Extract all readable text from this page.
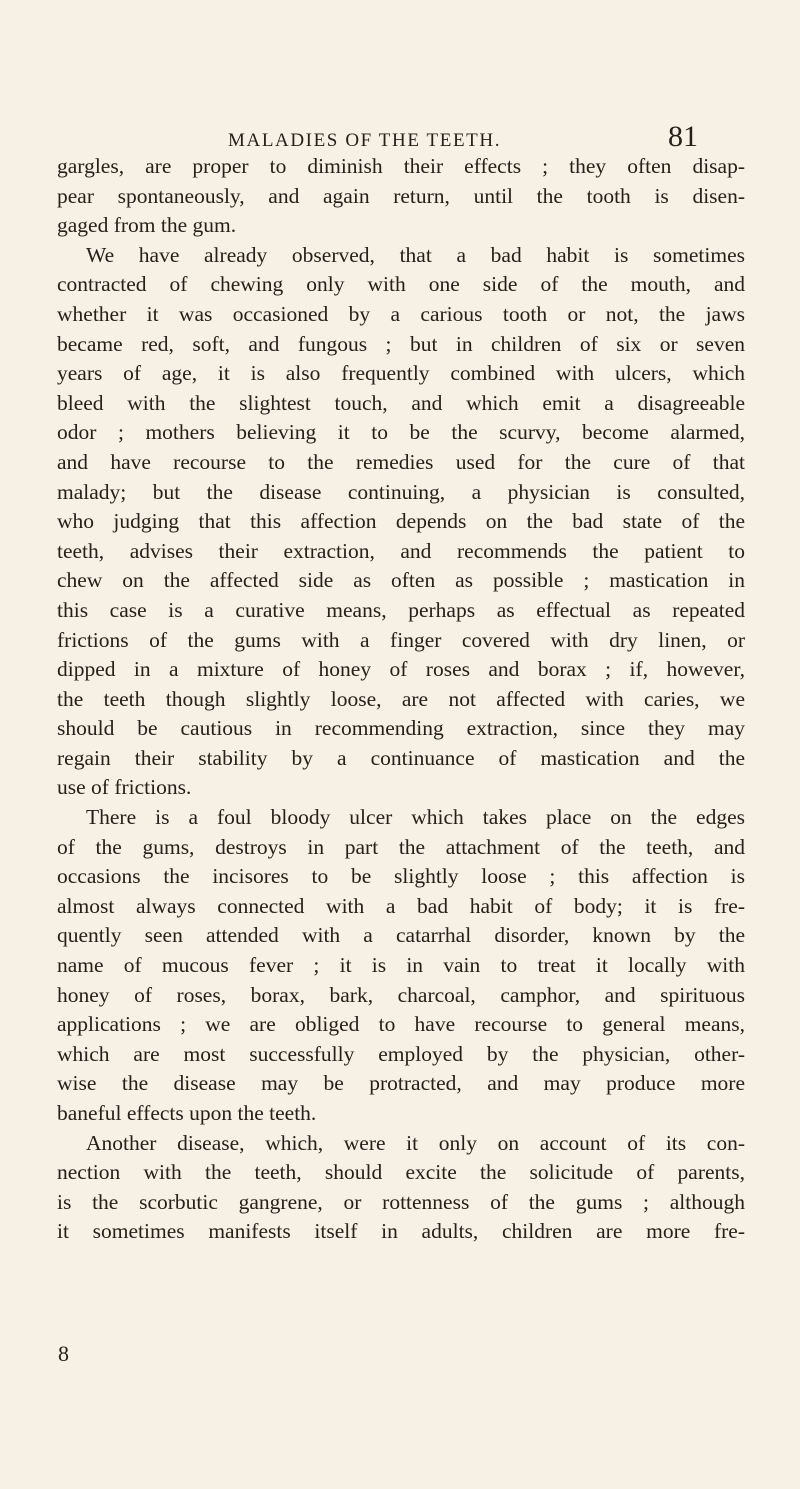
MALADIES OF THE TEETH.	81
gargles, are proper to diminish their effects ; they often disap-
pear spontaneously, and again return, until the tooth is disen-
gaged from the gum.
We have already observed, that a bad habit is sometimes
contracted of chewing only with one side of the mouth, and
whether it was occasioned by a carious tooth or not, the jaws
became red, soft, and fungous ; but in children of six or seven
years of age, it is also frequently combined with ulcers, which
bleed with the slightest touch, and which emit a disagreeable
odor ; mothers believing it to be the scurvy, become alarmed,
and have recourse to the remedies used for the cure of that
malady; but the disease continuing, a physician is consulted,
who judging that this affection depends on the bad state of the
teeth, advises their extraction, and recommends the patient to
chew on the affected side as often as possible ; mastication in
this case is a curative means, perhaps as effectual as repeated
frictions of the gums with a finger covered with dry linen, or
dipped in a mixture of honey of roses and borax ; if, however,
the teeth though slightly loose, are not affected with caries, we
should be cautious in recommending extraction, since they may
regain their stability by a continuance of mastication and the
use of frictions.
There is a foul bloody ulcer which takes place on the edges
of the gums, destroys in part the attachment of the teeth, and
occasions the incisores to be slightly loose ; this affection is
almost always connected with a bad habit of body; it is fre-
quently seen attended with a catarrhal disorder, known by the
name of mucous fever ; it is in vain to treat it locally with
honey of roses, borax, bark, charcoal, camphor, and spirituous
applications ; we are obliged to have recourse to general means,
which are most successfully employed by the physician, other-
wise the disease may be protracted, and may produce more
baneful effects upon the teeth.
Another disease, which, were it only on account of its con-
nection with the teeth, should excite the solicitude of parents,
is the scorbutic gangrene, or rottenness of the gums ; although
it sometimes manifests itself in adults, children are more fre-
8
